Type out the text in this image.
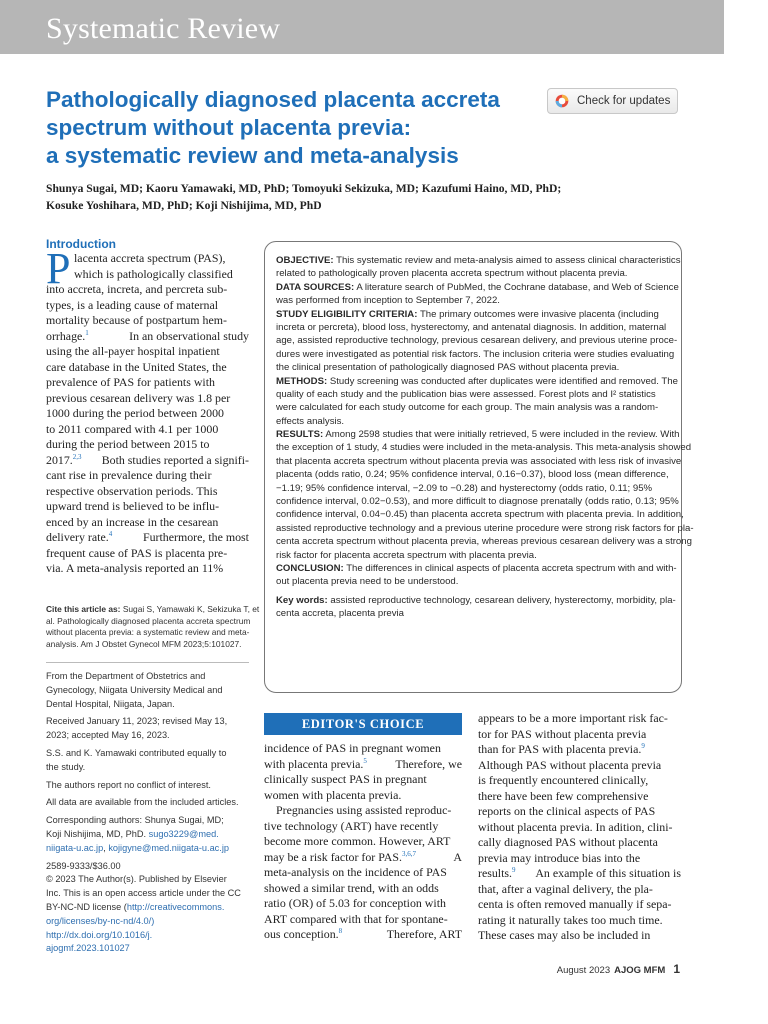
Systematic Review
Pathologically diagnosed placenta accreta
spectrum without placenta previa:
a systematic review and meta-analysis
Check for updates
Shunya Sugai, MD; Kaoru Yamawaki, MD, PhD; Tomoyuki Sekizuka, MD; Kazufumi Haino, MD, PhD;
Kosuke Yoshihara, MD, PhD; Koji Nishijima, MD, PhD
Introduction
P lacenta accreta spectrum (PAS),
which is pathologically classified
into accreta, increta, and percreta sub-
types, is a leading cause of maternal
mortality because of postpartum hem-
orrhage.$^1$	In an observational study
using the all-payer hospital inpatient
care database in the United States, the
prevalence of PAS for patients with
previous cesarean delivery was 1.8 per
1000 during the period between 2000
to 2011 compared with 4.1 per 1000
during the period between 2015 to
2017.$^{2,3}$ Both studies reported a signifi-
cant rise in prevalence during their
respective observation periods. This
upward trend is believed to be influ-
enced by an increase in the cesarean
delivery rate.$^4$	Furthermore, the most
frequent cause of PAS is placenta pre-
via. A meta-analysis reported an 11%
OBJECTIVE: This systematic review and meta-analysis aimed to assess clinical characteristics
related to pathologically proven placenta accreta spectrum without placenta previa.
DATA SOURCES: A literature search of PubMed, the Cochrane database, and Web of Science
was performed from inception to September 7, 2022.
STUDY ELIGIBILITY CRITERIA: The primary outcomes were invasive placenta (including
increta or percreta), blood loss, hysterectomy, and antenatal diagnosis. In addition, maternal
age, assisted reproductive technology, previous cesarean delivery, and previous uterine proce-
dures were investigated as potential risk factors. The inclusion criteria were studies evaluating
the clinical presentation of pathologically diagnosed PAS without placenta previa.
METHODS: Study screening was conducted after duplicates were identified and removed. The
quality of each study and the publication bias were assessed. Forest plots and I² statistics
were calculated for each study outcome for each group. The main analysis was a random-
effects analysis.
RESULTS: Among 2598 studies that were initially retrieved, 5 were included in the review. With
the exception of 1 study, 4 studies were included in the meta-analysis. This meta-analysis showed
that placenta accreta spectrum without placenta previa was associated with less risk of invasive
placenta (odds ratio, 0.24; 95% confidence interval, 0.16−0.37), blood loss (mean difference,
−1.19; 95% confidence interval, −2.09 to −0.28) and hysterectomy (odds ratio, 0.11; 95%
confidence interval, 0.02−0.53), and more difficult to diagnose prenatally (odds ratio, 0.13; 95%
confidence interval, 0.04−0.45) than placenta accreta spectrum with placenta previa. In addition,
assisted reproductive technology and a previous uterine procedure were strong risk factors for pla-
centa accreta spectrum without placenta previa, whereas previous cesarean delivery was a strong
risk factor for placenta accreta spectrum with placenta previa.
CONCLUSION: The differences in clinical aspects of placenta accreta spectrum with and with-
out placenta previa need to be understood.
Key words: assisted reproductive technology, cesarean delivery, hysterectomy, morbidity, pla-
centa accreta, placenta previa
Cite this article as: Sugai S, Yamawaki K, Sekizuka T, et
al. Pathologically diagnosed placenta accreta spectrum
without placenta previa: a systematic review and meta-
analysis. Am J Obstet Gynecol MFM 2023;5:101027.
From the Department of Obstetrics and
Gynecology, Niigata University Medical and
Dental Hospital, Niigata, Japan.
Received January 11, 2023; revised May 13,
2023; accepted May 16, 2023.
S.S. and K. Yamawaki contributed equally to
the study.
The authors report no conflict of interest.
All data are available from the included articles.
Corresponding authors: Shunya Sugai, MD;
Koji Nishijima, MD, PhD. sugo3229@med.
niigata-u.ac.jp, kojigyne@med.niigata-u.ac.jp
2589-9333/$36.00
© 2023 The Author(s). Published by Elsevier
Inc. This is an open access article under the CC
BY-NC-ND license (http://creativecommons.
org/licenses/by-nc-nd/4.0/)
http://dx.doi.org/10.1016/j.
ajogmf.2023.101027
EDITOR'S CHOICE
incidence of PAS in pregnant women
with placenta previa.$^5$ Therefore, we
clinically suspect PAS in pregnant
women with placenta previa.
Pregnancies using assisted reproduc-
tive technology (ART) have recently
become more common. However, ART
may be a risk factor for PAS.$^{3,6,7}$	A
meta-analysis on the incidence of PAS
showed a similar trend, with an odds
ratio (OR) of 5.03 for conception with
ART compared with that for spontane-
ous conception.$^8$	Therefore, ART
appears to be a more important risk fac-
tor for PAS without placenta previa
than for PAS with placenta previa.$^9$
Although PAS without placenta previa
is frequently encountered clinically,
there have been few comprehensive
reports on the clinical aspects of PAS
without placenta previa. In adition, clini-
cally diagnosed PAS without placenta
previa may introduce bias into the
results.$^9$ An example of this situation is
that, after a vaginal delivery, the pla-
centa is often removed manually if sepa-
rating it naturally takes too much time.
These cases may also be included in
August 2023 AJOG MFM 1
